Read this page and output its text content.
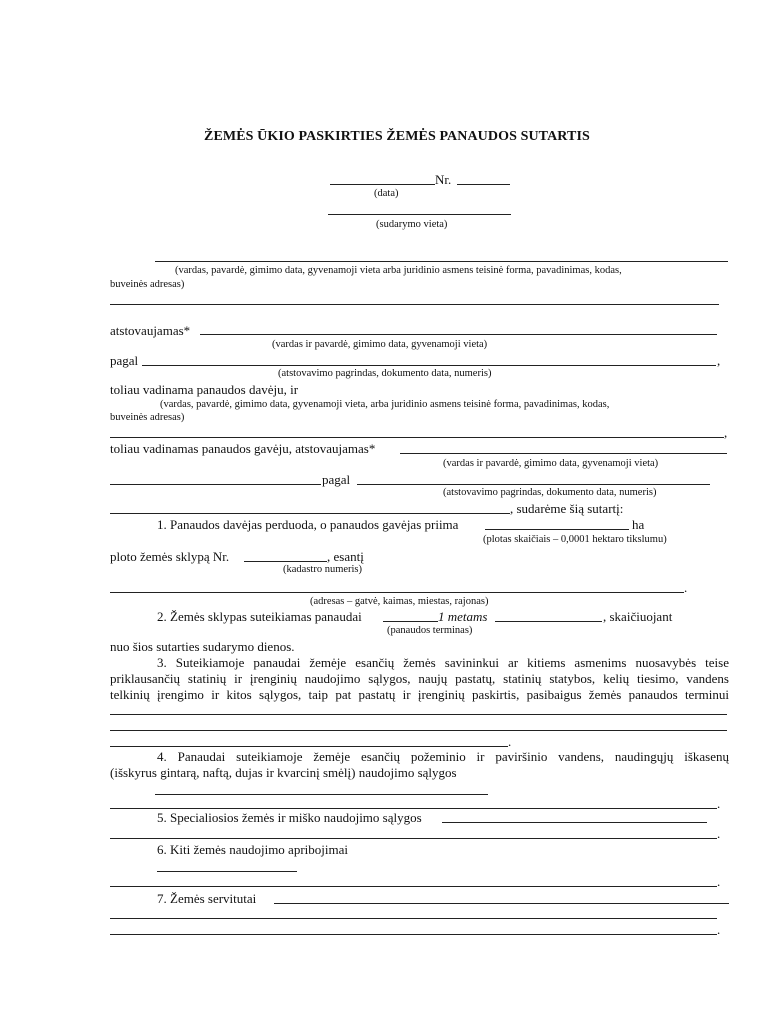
ŽEMĖS ŪKIO PASKIRTIES ŽEMĖS PANAUDOS SUTARTIS
Nr.
(data)
(sudarymo vieta)
(vardas, pavardė, gimimo data, gyvenamoji vieta arba juridinio asmens teisinė forma, pavadinimas, kodas,
buveinės adresas)
atstovaujamas*
(vardas ir pavardė, gimimo data, gyvenamoji vieta)
pagal	,
(atstovavimo pagrindas, dokumento data, numeris)
toliau vadinama panaudos davėju, ir
(vardas, pavardė, gimimo data, gyvenamoji vieta, arba juridinio asmens teisinė forma, pavadinimas, kodas,
buveinės adresas)
,
toliau vadinamas panaudos gavėju, atstovaujamas*
(vardas ir pavardė, gimimo data, gyvenamoji vieta)
pagal
(atstovavimo pagrindas, dokumento data, numeris)
, sudarėme šią sutartį:
1. Panaudos davėjas perduoda, o panaudos gavėjas priima	ha
(plotas skaičiais – 0,0001 hektaro tikslumu)
ploto žemės sklypą Nr.	, esantį
(kadastro numeris)
.
(adresas – gatvė, kaimas, miestas, rajonas)
2. Žemės sklypas suteikiamas panaudai	1 metams	, skaičiuojant
(panaudos terminas)
nuo šios sutarties sudarymo dienos.
3. Suteikiamoje panaudai žemėje esančių žemės savininkui ar kitiems asmenims nuosavybės teise
priklausančių statinių ir įrenginių naudojimo sąlygos, naujų pastatų, statinių statybos, kelių tiesimo, vandens
telkinių įrengimo ir kitos sąlygos, taip pat pastatų ir įrenginių paskirtis, pasibaigus žemės panaudos terminui
.
4. Panaudai suteikiamoje žemėje esančių požeminio ir paviršinio vandens, naudingųjų iškasenų
(išskyrus gintarą, naftą, dujas ir kvarcinį smėlį) naudojimo sąlygos
.
5. Specialiosios žemės ir miško naudojimo sąlygos
.
6. Kiti žemės naudojimo apribojimai
.
7. Žemės servitutai
.
